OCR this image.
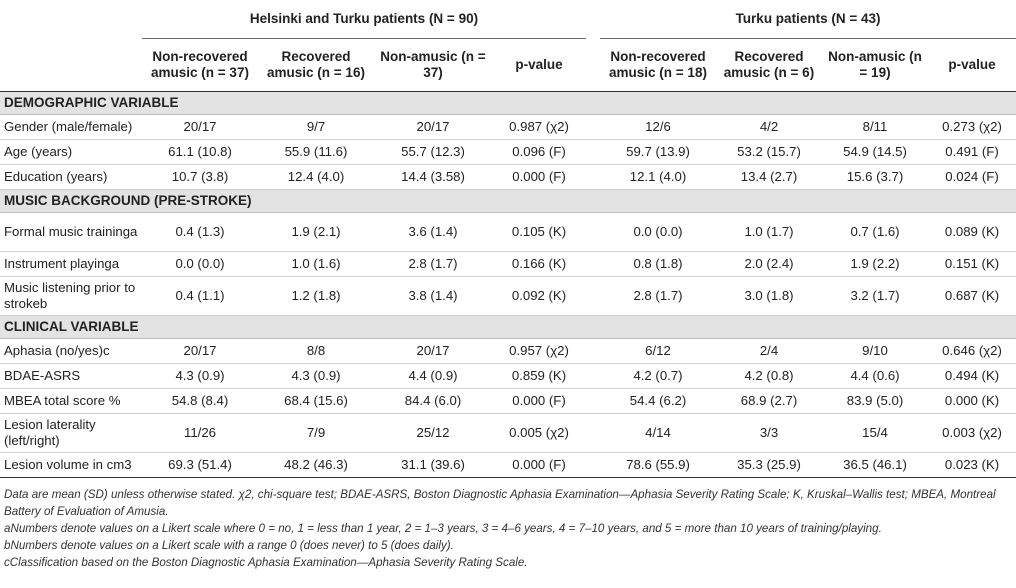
	Helsinki and Turku patients (N = 90)					Turku patients (N = 43)			
	Non-recovered amusic (n = 37)	Recovered amusic (n = 16)	Non-amusic (n = 37)	p-value		Non-recovered amusic (n = 18)	Recovered amusic (n = 6)	Non-amusic (n = 19)	p-value
DEMOGRAPHIC VARIABLE									
Gender (male/female)	20/17	9/7	20/17	0.987 (χ2)		12/6	4/2	8/11	0.273 (χ2)
Age (years)	61.1 (10.8)	55.9 (11.6)	55.7 (12.3)	0.096 (F)		59.7 (13.9)	53.2 (15.7)	54.9 (14.5)	0.491 (F)
Education (years)	10.7 (3.8)	12.4 (4.0)	14.4 (3.58)	0.000 (F)		12.1 (4.0)	13.4 (2.7)	15.6 (3.7)	0.024 (F)
MUSIC BACKGROUND (PRE-STROKE)									
Formal music traininga	0.4 (1.3)	1.9 (2.1)	3.6 (1.4)	0.105 (K)		0.0 (0.0)	1.0 (1.7)	0.7 (1.6)	0.089 (K)
Instrument playinga	0.0 (0.0)	1.0 (1.6)	2.8 (1.7)	0.166 (K)		0.8 (1.8)	2.0 (2.4)	1.9 (2.2)	0.151 (K)
Music listening prior to strokeb	0.4 (1.1)	1.2 (1.8)	3.8 (1.4)	0.092 (K)		2.8 (1.7)	3.0 (1.8)	3.2 (1.7)	0.687 (K)
CLINICAL VARIABLE									
Aphasia (no/yes)c	20/17	8/8	20/17	0.957 (χ2)		6/12	2/4	9/10	0.646 (χ2)
BDAE-ASRS	4.3 (0.9)	4.3 (0.9)	4.4 (0.9)	0.859 (K)		4.2 (0.7)	4.2 (0.8)	4.4 (0.6)	0.494 (K)
MBEA total score %	54.8 (8.4)	68.4 (15.6)	84.4 (6.0)	0.000 (F)		54.4 (6.2)	68.9 (2.7)	83.9 (5.0)	0.000 (K)
Lesion laterality (left/right)	11/26	7/9	25/12	0.005 (χ2)		4/14	3/3	15/4	0.003 (χ2)
Lesion volume in cm3	69.3 (51.4)	48.2 (46.3)	31.1 (39.6)	0.000 (F)		78.6 (55.9)	35.3 (25.9)	36.5 (46.1)	0.023 (K)

Data are mean (SD) unless otherwise stated. χ2, chi-square test; BDAE-ASRS, Boston Diagnostic Aphasia Examination—Aphasia Severity Rating Scale; K, Kruskal–Wallis test; MBEA, Montreal Battery of Evaluation of Amusia.

aNumbers denote values on a Likert scale where 0 = no, 1 = less than 1 year, 2 = 1–3 years, 3 = 4–6 years, 4 = 7–10 years, and 5 = more than 10 years of training/playing.

bNumbers denote values on a Likert scale with a range 0 (does never) to 5 (does daily).

cClassification based on the Boston Diagnostic Aphasia Examination—Aphasia Severity Rating Scale.
